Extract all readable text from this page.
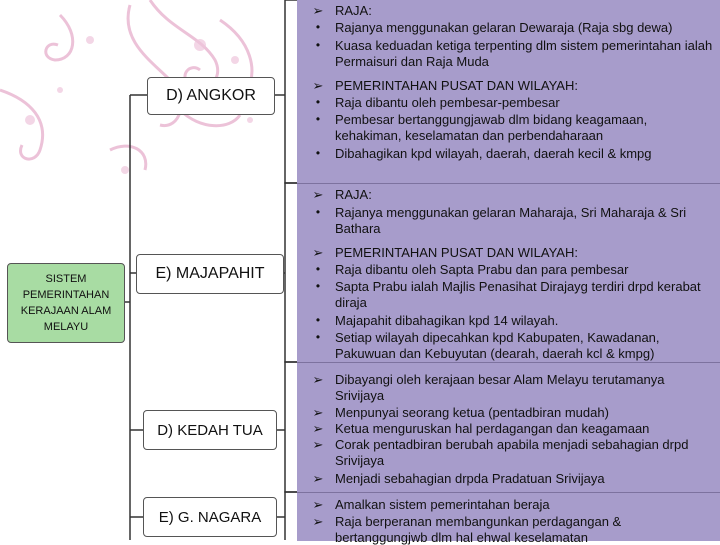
SISTEM PEMERINTAHAN KERAJAAN ALAM MELAYU
D) ANGKOR
E) MAJAPAHIT
D) KEDAH TUA
E) G. NAGARA
➢ RAJA:
•	Rajanya menggunakan gelaran Dewaraja (Raja sbg dewa)
•	Kuasa keduadan ketiga terpenting dlm sistem pemerintahan ialah Permaisuri dan Raja Muda
➢ PEMERINTAHAN PUSAT DAN WILAYAH:
•	Raja dibantu oleh pembesar-pembesar
•	Pembesar bertanggungjawab dlm bidang keagamaan, kehakiman, keselamatan dan perbendaharaan
•	Dibahagikan kpd wilayah, daerah, daerah kecil & kmpg
➢ RAJA:
•	Rajanya menggunakan gelaran Maharaja, Sri Maharaja & Sri Bathara
➢ PEMERINTAHAN PUSAT DAN WILAYAH:
•	Raja dibantu oleh Sapta Prabu dan para pembesar
•	Sapta Prabu ialah Majlis Penasihat Dirajayg terdiri drpd kerabat diraja
•	Majapahit dibahagikan kpd 14 wilayah.
•	Setiap wilayah dipecahkan kpd Kabupaten, Kawadanan, Pakuwuan dan Kebuyutan (dearah, daerah kcl & kmpg)
➢ Dibayangi oleh kerajaan besar Alam Melayu terutamanya Srivijaya
➢ Menpunyai seorang ketua (pentadbiran mudah)
➢ Ketua menguruskan hal perdagangan dan keagamaan
➢ Corak pentadbiran berubah apabila menjadi sebahagian drpd Srivijaya
➢ Menjadi sebahagian drpda Pradatuan Srivijaya
➢ Amalkan sistem pemerintahan beraja
➢ Raja berperanan membangunkan perdagangan & bertanggungjwb dlm hal ehwal keselamatan
